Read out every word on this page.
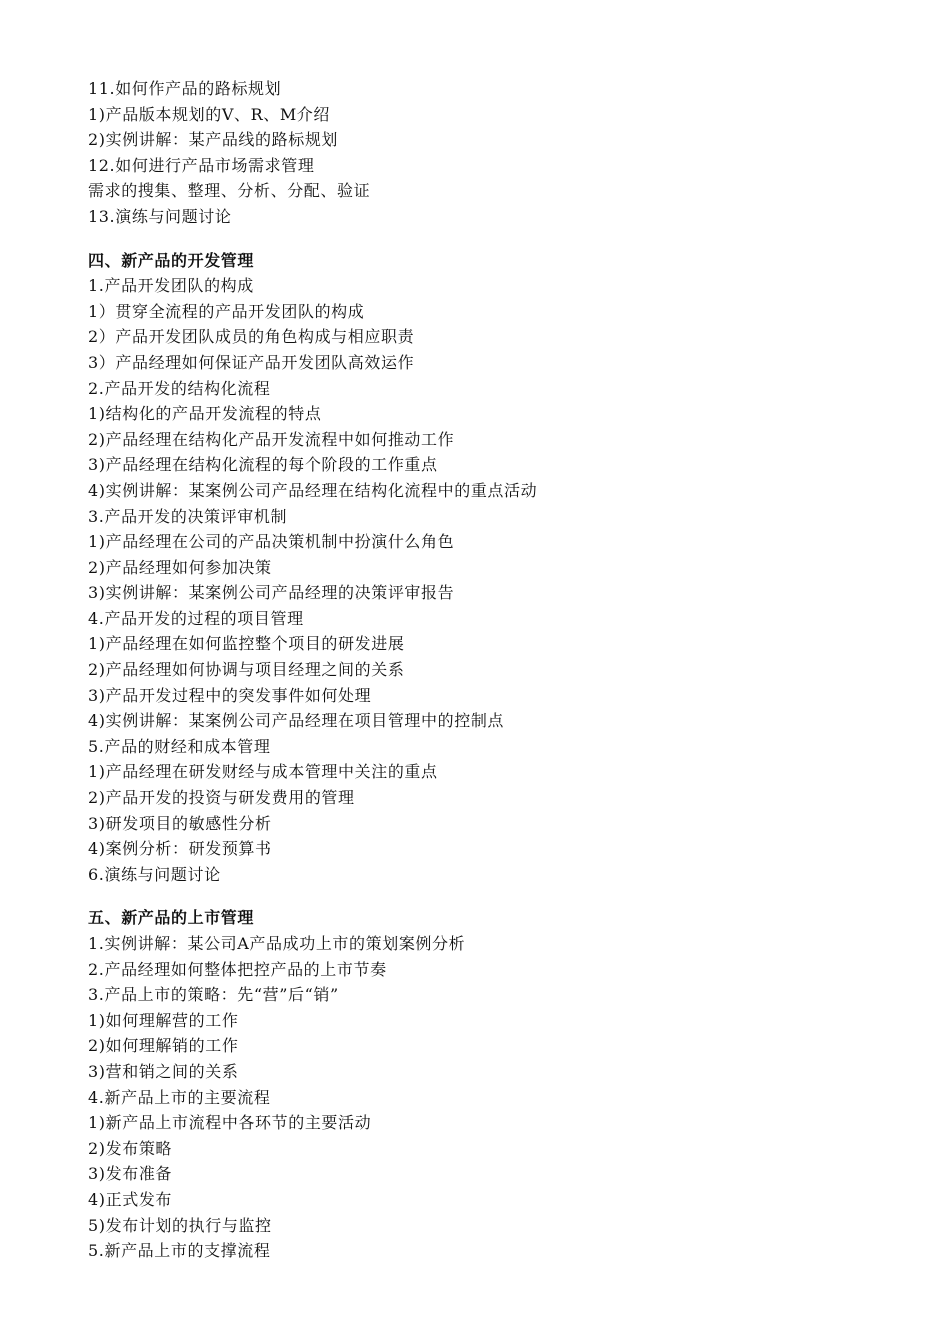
11.如何作产品的路标规划
1)产品版本规划的V、R、M介绍
2)实例讲解：某产品线的路标规划
12.如何进行产品市场需求管理
需求的搜集、整理、分析、分配、验证
13.演练与问题讨论
四、新产品的开发管理
1.产品开发团队的构成
1）贯穿全流程的产品开发团队的构成
2）产品开发团队成员的角色构成与相应职责
3）产品经理如何保证产品开发团队高效运作
2.产品开发的结构化流程
1)结构化的产品开发流程的特点
2)产品经理在结构化产品开发流程中如何推动工作
3)产品经理在结构化流程的每个阶段的工作重点
4)实例讲解：某案例公司产品经理在结构化流程中的重点活动
3.产品开发的决策评审机制
1)产品经理在公司的产品决策机制中扮演什么角色
2)产品经理如何参加决策
3)实例讲解：某案例公司产品经理的决策评审报告
4.产品开发的过程的项目管理
1)产品经理在如何监控整个项目的研发进展
2)产品经理如何协调与项目经理之间的关系
3)产品开发过程中的突发事件如何处理
4)实例讲解：某案例公司产品经理在项目管理中的控制点
5.产品的财经和成本管理
1)产品经理在研发财经与成本管理中关注的重点
2)产品开发的投资与研发费用的管理
3)研发项目的敏感性分析
4)案例分析：研发预算书
6.演练与问题讨论
五、新产品的上市管理
1.实例讲解：某公司A产品成功上市的策划案例分析
2.产品经理如何整体把控产品的上市节奏
3.产品上市的策略：先“营”后“销”
1)如何理解营的工作
2)如何理解销的工作
3)营和销之间的关系
4.新产品上市的主要流程
1)新产品上市流程中各环节的主要活动
2)发布策略
3)发布准备
4)正式发布
5)发布计划的执行与监控
5.新产品上市的支撑流程
